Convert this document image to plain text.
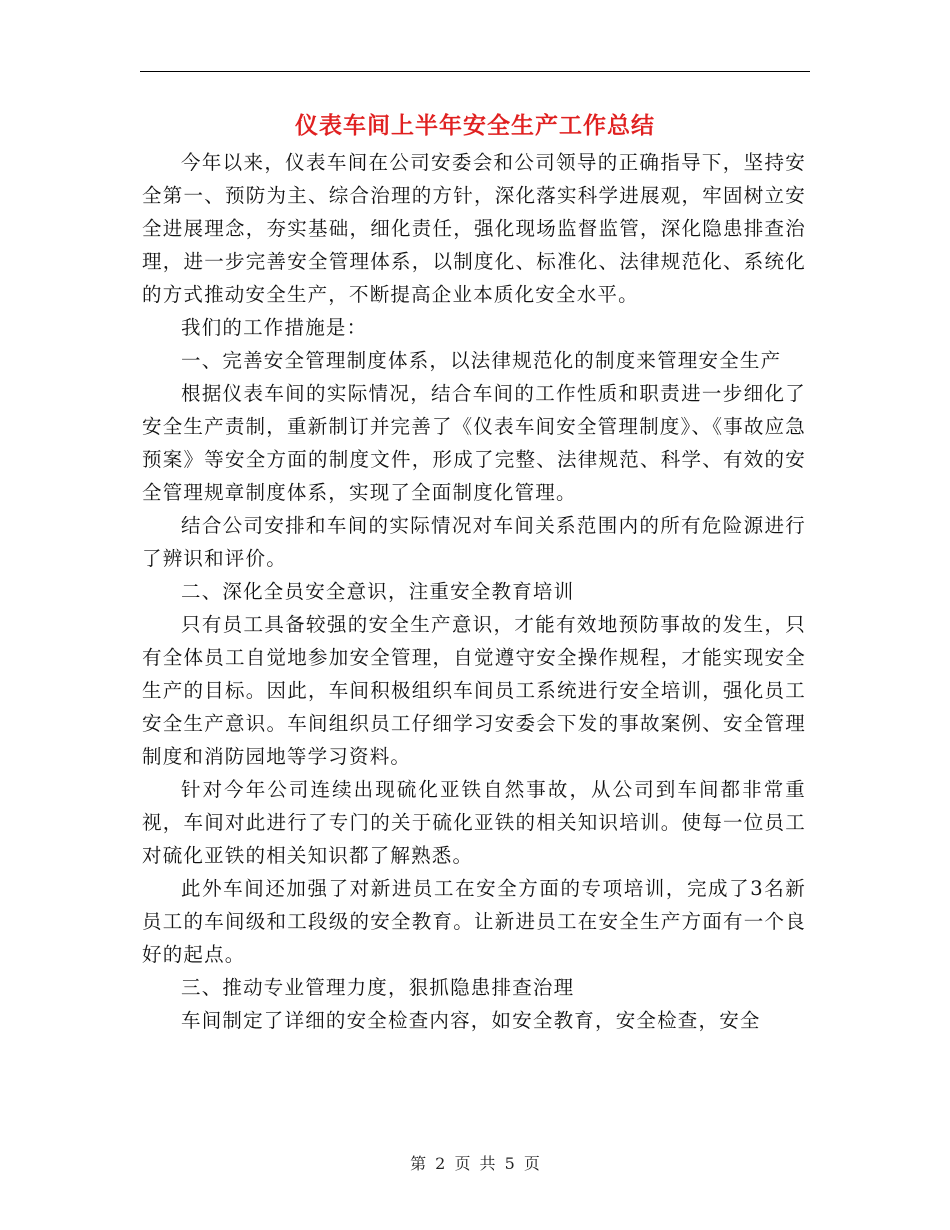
仪表车间上半年安全生产工作总结

今年以来，仪表车间在公司安委会和公司领导的正确指导下，坚持安全第一、预防为主、综合治理的方针，深化落实科学进展观，牢固树立安全进展理念，夯实基础，细化责任，强化现场监督监管，深化隐患排查治理，进一步完善安全管理体系，以制度化、标准化、法律规范化、系统化的方式推动安全生产，不断提高企业本质化安全水平。

我们的工作措施是：

一、完善安全管理制度体系，以法律规范化的制度来管理安全生产

根据仪表车间的实际情况，结合车间的工作性质和职责进一步细化了安全生产责制，重新制订并完善了《仪表车间安全管理制度》、《事故应急预案》等安全方面的制度文件，形成了完整、法律规范、科学、有效的安全管理规章制度体系，实现了全面制度化管理。

结合公司安排和车间的实际情况对车间关系范围内的所有危险源进行了辨识和评价。

二、深化全员安全意识，注重安全教育培训

只有员工具备较强的安全生产意识，才能有效地预防事故的发生，只有全体员工自觉地参加安全管理，自觉遵守安全操作规程，才能实现安全生产的目标。因此，车间积极组织车间员工系统进行安全培训，强化员工安全生产意识。车间组织员工仔细学习安委会下发的事故案例、安全管理制度和消防园地等学习资料。

针对今年公司连续出现硫化亚铁自然事故，从公司到车间都非常重视，车间对此进行了专门的关于硫化亚铁的相关知识培训。使每一位员工对硫化亚铁的相关知识都了解熟悉。

此外车间还加强了对新进员工在安全方面的专项培训，完成了3名新员工的车间级和工段级的安全教育。让新进员工在安全生产方面有一个良好的起点。

三、推动专业管理力度，狠抓隐患排查治理

车间制定了详细的安全检查内容，如安全教育，安全检查，安全

第 2 页 共 5 页
